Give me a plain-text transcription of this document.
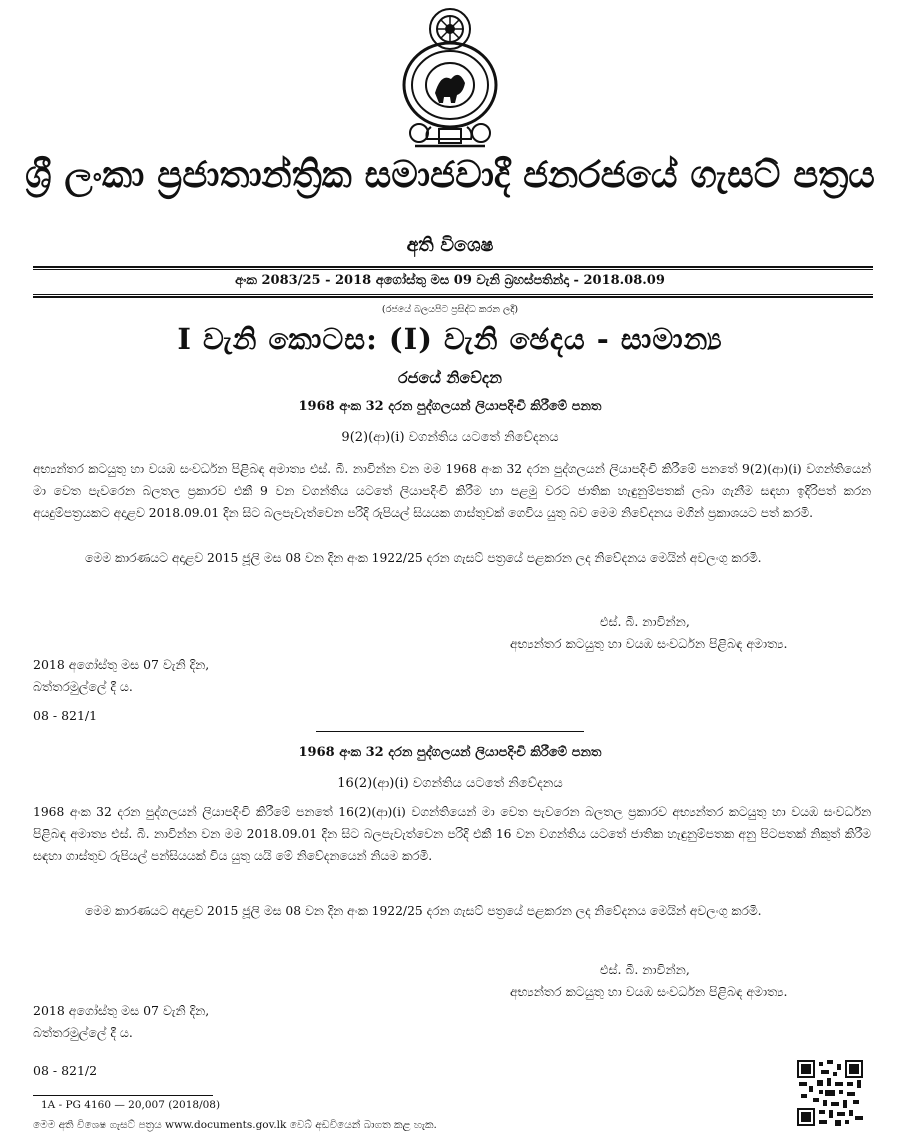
ශ්‍රී ලංකා ප්‍රජාතාන්ත්‍රික සමාජවාදී ජනරජයේ ගැසට් පත්‍රය
අති විශෙෂ
අංක 2083/25 - 2018 අගෝස්තු මස 09 වැනි බ්‍රහස්පතින්දා - 2018.08.09
(රජයේ බලයපිට ප්‍රසිද්ධ කරන ලදී)
I වැනි කොටස: (I) වැනි ඡෙදය - සාමාන්‍ය
රජයේ නිවේදන
1968 අංක 32 දරන පුද්ගලයන් ලියාපදිංචි කිරීමේ පනත
9(2)(ආ)(i) වගන්තිය යටතේ නිවේදනය
අභ්‍යන්තර කටයුතු හා වයඹ සංවර්ධන පිළිබඳ අමාත්‍ය එස්. බී. නාවින්න වන මම 1968 අංක 32 දරන පුද්ගලයන් ලියාපදිංචි කිරීමේ පනතේ 9(2)(ආ)(i) වගන්තියෙන් මා වෙත පැවරෙන බලතල ප්‍රකාරව එකී 9 වන වගන්තිය යටතේ ලියාපදිංචි කිරීම හා පළමු වරට ජාතික හැඳුනුම්පතක් ලබා ගැනීම සඳහා ඉදිරිපත් කරන අයදුම්පත්‍රයකට අදාළව 2018.09.01 දින සිට බලපැවැත්වෙන පරිදි රුපියල් සියයක ගාස්තුවක් ගෙවිය යුතු බව මෙම නිවේදනය මගින් ප්‍රකාශයට පත් කරමි.
මෙම කාරණයට අදාළව 2015 ජූලි මස 08 වන දින අංක 1922/25 දරන ගැසට් පත්‍රයේ පළකරන ලද නිවේදනය මෙයින් අවලංගු කරමි.
එස්. බී. නාවින්න,
අභ්‍යන්තර කටයුතු හා වයඹ සංවර්ධන පිළිබඳ අමාත්‍ය.
2018 අගෝස්තු මස 07 වැනි දින,
බත්තරමුල්ලේ දී ය.
08 - 821/1
1968 අංක 32 දරන පුද්ගලයන් ලියාපදිංචි කිරීමේ පනත
16(2)(ආ)(i) වගන්තිය යටතේ නිවේදනය
1968 අංක 32 දරන පුද්ගලයන් ලියාපදිංචි කිරීමේ පනතේ 16(2)(ආ)(i) වගන්තියෙන් මා වෙත පැවරෙන බලතල ප්‍රකාරව අභ්‍යන්තර කටයුතු හා වයඹ සංවර්ධන පිළිබඳ අමාත්‍ය එස්. බී. නාවින්න වන මම 2018.09.01 දින සිට බලපැවැත්වෙන පරිදි එකී 16 වන වගන්තිය යටතේ ජාතික හැඳුනුම්පතක අනු පිටපතක් නිකුත් කිරීම සඳහා ගාස්තුව රුපියල් පන්සියයක් විය යුතු යයි මේ නිවේදනයෙන් නියම කරමි.
මෙම කාරණයට අදාළව 2015 ජූලි මස 08 වන දින අංක 1922/25 දරන ගැසට් පත්‍රයේ පළකරන ලද නිවේදනය මෙයින් අවලංගු කරමි.
එස්. බී. නාවින්න,
අභ්‍යන්තර කටයුතු හා වයඹ සංවර්ධන පිළිබඳ අමාත්‍ය.
2018 අගෝස්තු මස 07 වැනි දින,
බත්තරමුල්ලේ දී ය.
08 - 821/2
1A - PG 4160 — 20,007 (2018/08)
මෙම අති විශෙෂ ගැසට් පත්‍රය www.documents.gov.lk වෙබ් අඩවියෙන් බාගත කළ හැක.
